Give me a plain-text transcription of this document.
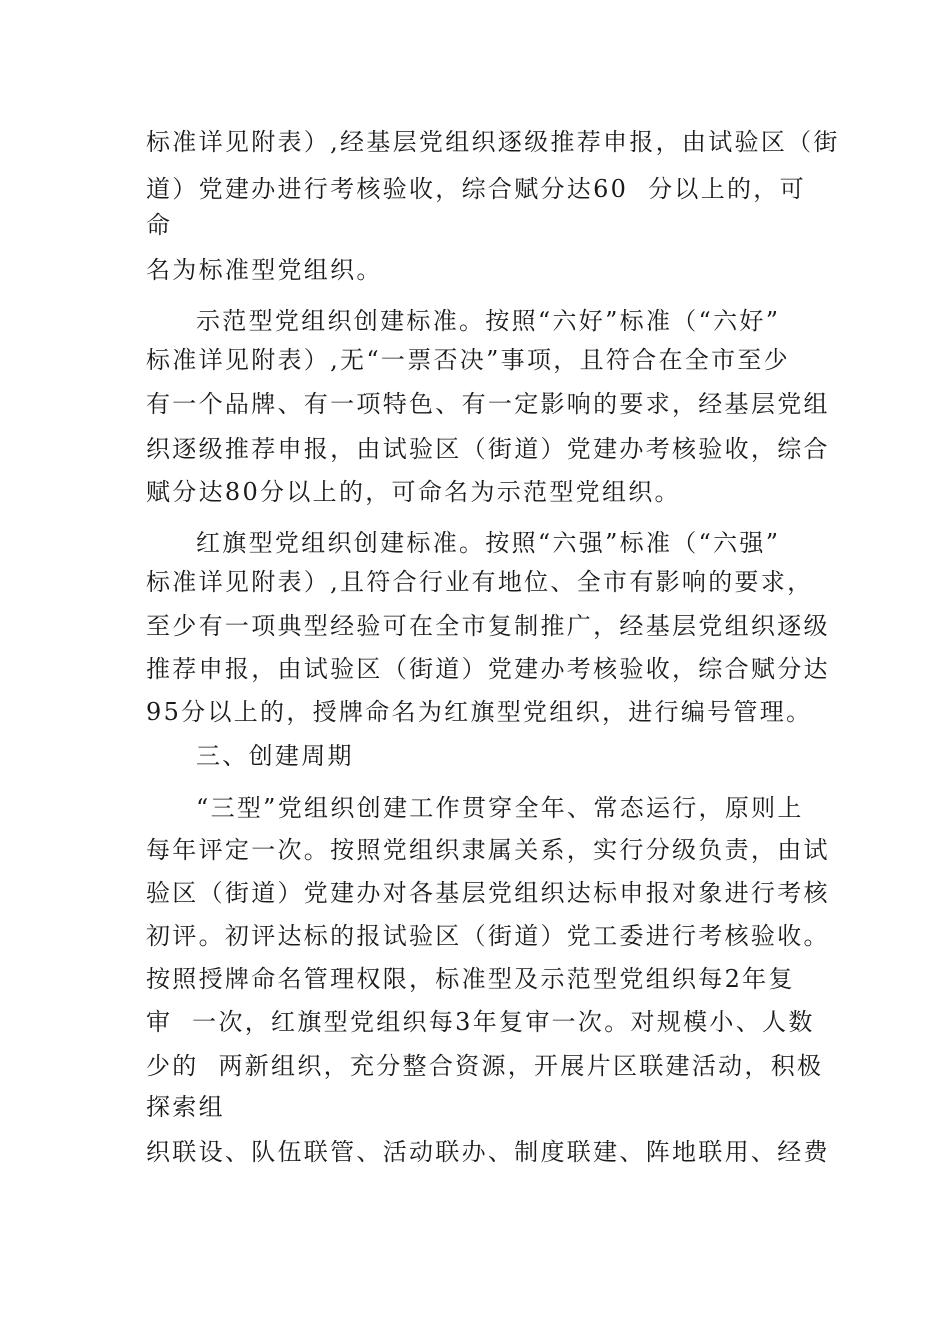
标准详见附表）,经基层党组织逐级推荐申报，由试验区（街
道）党建办进行考核验收，综合赋分达60  分以上的，可
命
名为标准型党组织。
示范型党组织创建标准。按照“六好”标准（“六好”
标准详见附表）,无“一票否决”事项，且符合在全市至少
有一个品牌、有一项特色、有一定影响的要求，经基层党组
织逐级推荐申报，由试验区（街道）党建办考核验收，综合
赋分达80分以上的，可命名为示范型党组织。
红旗型党组织创建标准。按照“六强”标准（“六强”
标准详见附表）,且符合行业有地位、全市有影响的要求，
至少有一项典型经验可在全市复制推广，经基层党组织逐级
推荐申报，由试验区（街道）党建办考核验收，综合赋分达
95分以上的，授牌命名为红旗型党组织，进行编号管理。
三、创建周期
“三型”党组织创建工作贯穿全年、常态运行，原则上
每年评定一次。按照党组织隶属关系，实行分级负责，由试
验区（街道）党建办对各基层党组织达标申报对象进行考核
初评。初评达标的报试验区（街道）党工委进行考核验收。
按照授牌命名管理权限，标准型及示范型党组织每2年复
审  一次，红旗型党组织每3年复审一次。对规模小、人数
少的  两新组织，充分整合资源，开展片区联建活动，积极
探索组
织联设、队伍联管、活动联办、制度联建、阵地联用、经费
